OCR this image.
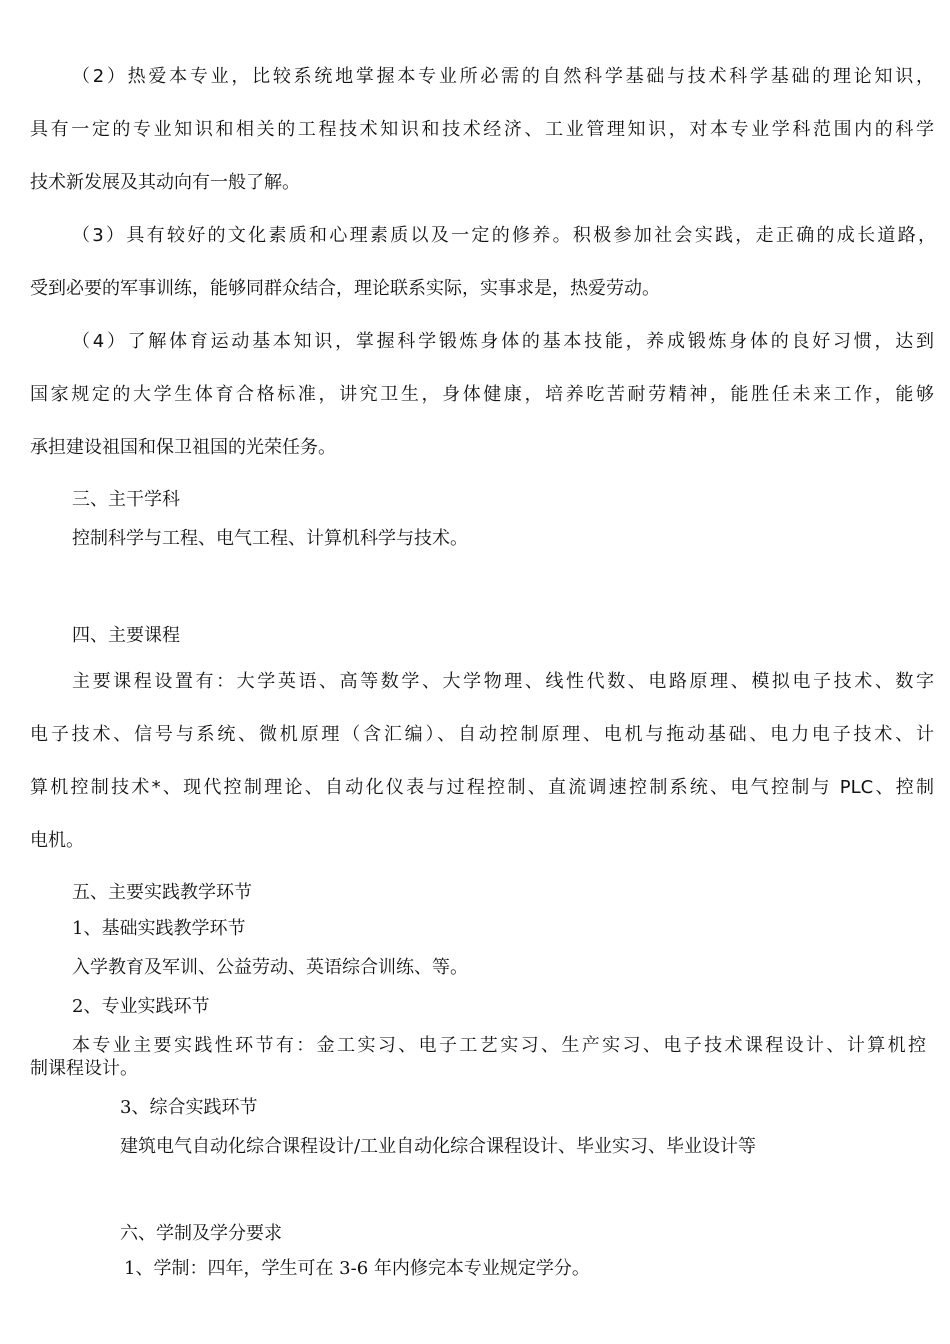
（2）热爱本专业，比较系统地掌握本专业所必需的自然科学基础与技术科学基础的理论知识，

具有一定的专业知识和相关的工程技术知识和技术经济、工业管理知识，对本专业学科范围内的科学

技术新发展及其动向有一般了解。

（3）具有较好的文化素质和心理素质以及一定的修养。积极参加社会实践，走正确的成长道路，

受到必要的军事训练，能够同群众结合，理论联系实际，实事求是，热爱劳动。

（4）了解体育运动基本知识，掌握科学锻炼身体的基本技能，养成锻炼身体的良好习惯，达到

国家规定的大学生体育合格标准，讲究卫生，身体健康，培养吃苦耐劳精神，能胜任未来工作，能够

承担建设祖国和保卫祖国的光荣任务。

三、主干学科

控制科学与工程、电气工程、计算机科学与技术。

四、主要课程

主要课程设置有：大学英语、高等数学、大学物理、线性代数、电路原理、模拟电子技术、数字

电子技术、信号与系统、微机原理（含汇编）、自动控制原理、电机与拖动基础、电力电子技术、计

算机控制技术*、现代控制理论、自动化仪表与过程控制、直流调速控制系统、电气控制与 PLC、控制

电机。

五、主要实践教学环节

1、基础实践教学环节

入学教育及军训、公益劳动、英语综合训练、等。

2、专业实践环节

本专业主要实践性环节有：金工实习、电子工艺实习、生产实习、电子技术课程设计、计算机控

制课程设计。

3、综合实践环节

建筑电气自动化综合课程设计/工业自动化综合课程设计、毕业实习、毕业设计等

六、学制及学分要求

1、学制：四年，学生可在 3-6 年内修完本专业规定学分。
